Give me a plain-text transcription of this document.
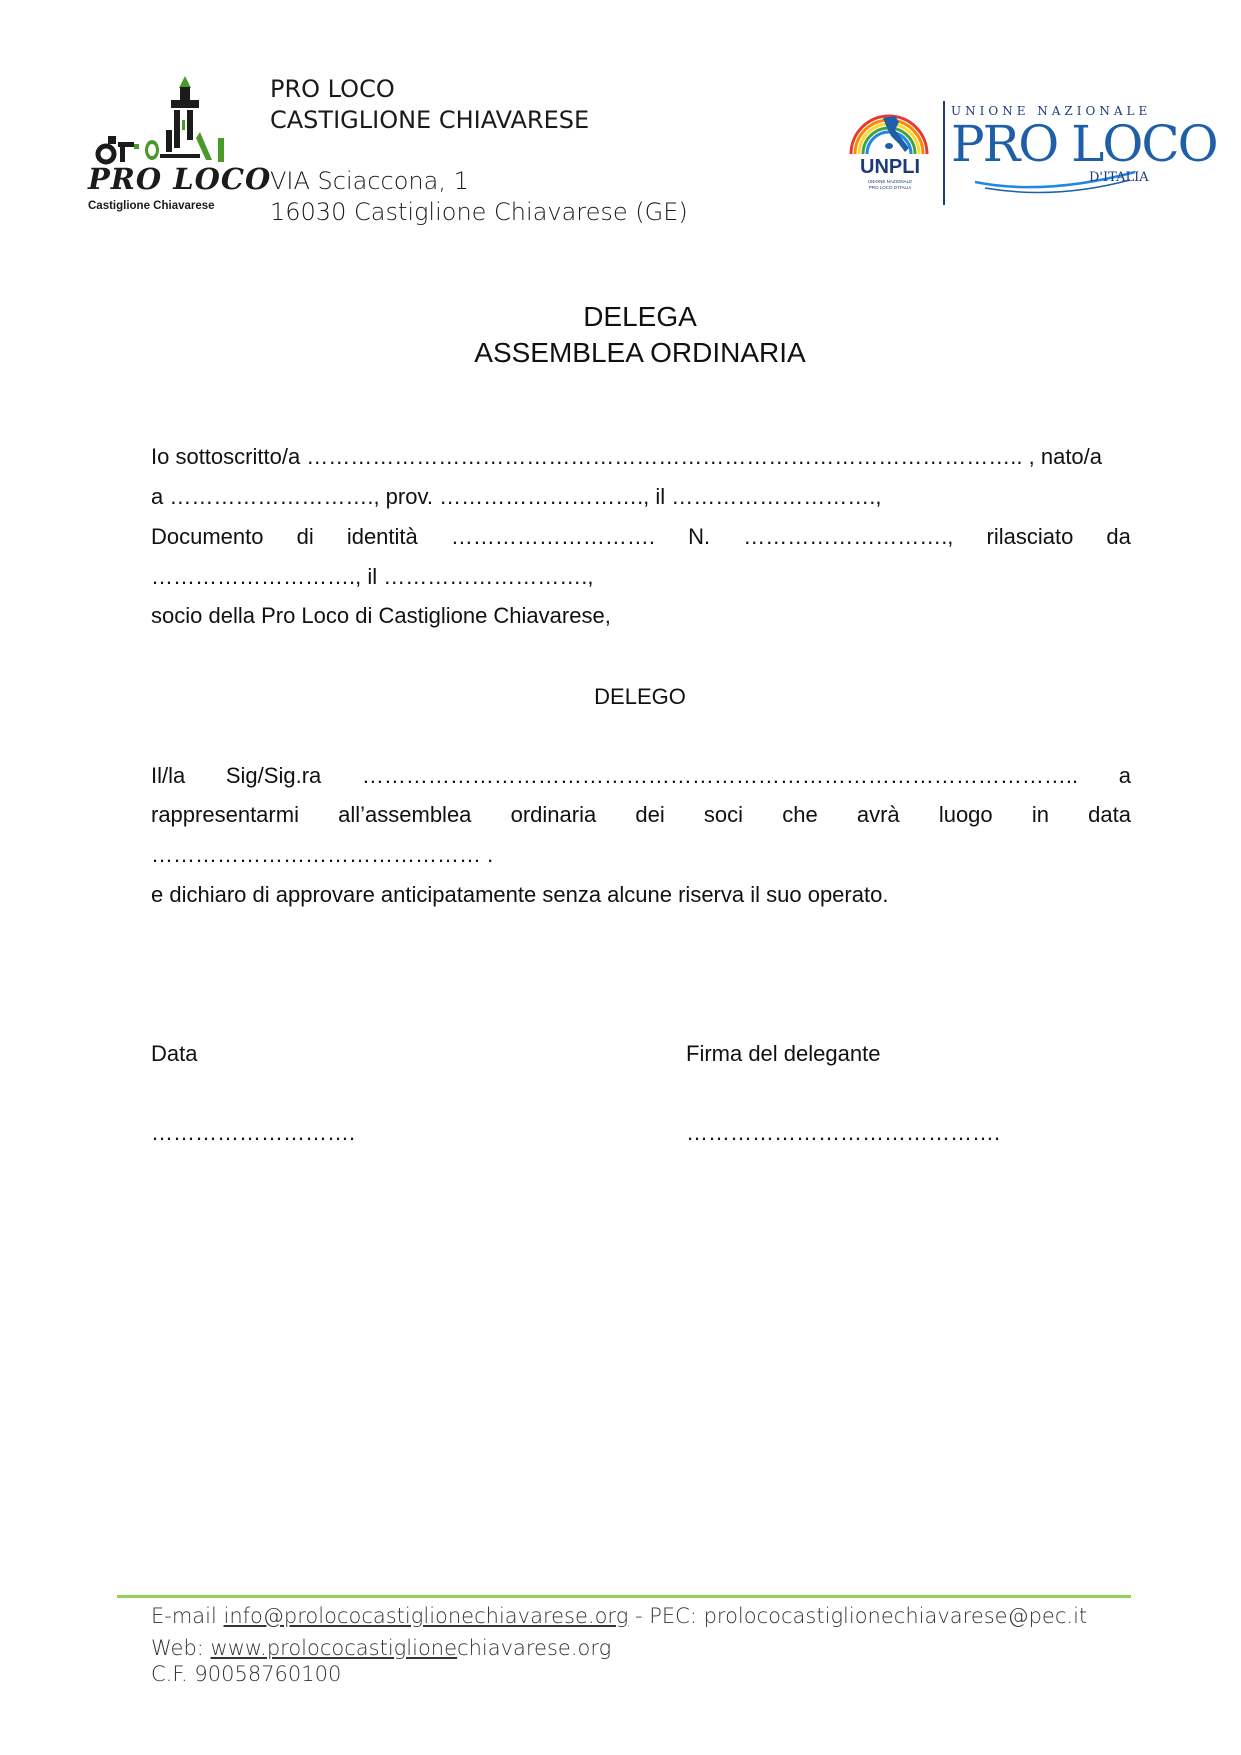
PRO LOCO
Castiglione Chiavarese
PRO LOCO
CASTIGLIONE CHIAVARESE
VIA Sciaccona, 1
16030 Castiglione Chiavarese (GE)
UNPLI
UNIONE NAZIONALE
PRO LOCO D'ITALIA
UNIONE NAZIONALE
PRO LOCO
D'ITALIA
DELEGA
ASSEMBLEA ORDINARIA
Io sottoscritto/a …………………………………………………………………………………….. , nato/a
a ………………………., prov. ………………………., il ……………………….,
Documento di identità ………………………. N. ………………………., rilasciato da
………………………., il ……………………….,
socio della Pro Loco di Castiglione Chiavarese,
DELEGO
Il/la Sig/Sig.ra …………………………………………………………………………………….. a
rappresentarmi all’assemblea ordinaria dei soci che avrà luogo in data
……………………………………… .
e dichiaro di approvare anticipatamente senza alcune riserva il suo operato.
Data	Firma del delegante
……………………….	…………………………………….
E-mail info@prolococastiglionechiavarese.org - PEC: prolococastiglionechiavarese@pec.it
Web: www.prolococastiglionechiavarese.org
C.F. 90058760100
